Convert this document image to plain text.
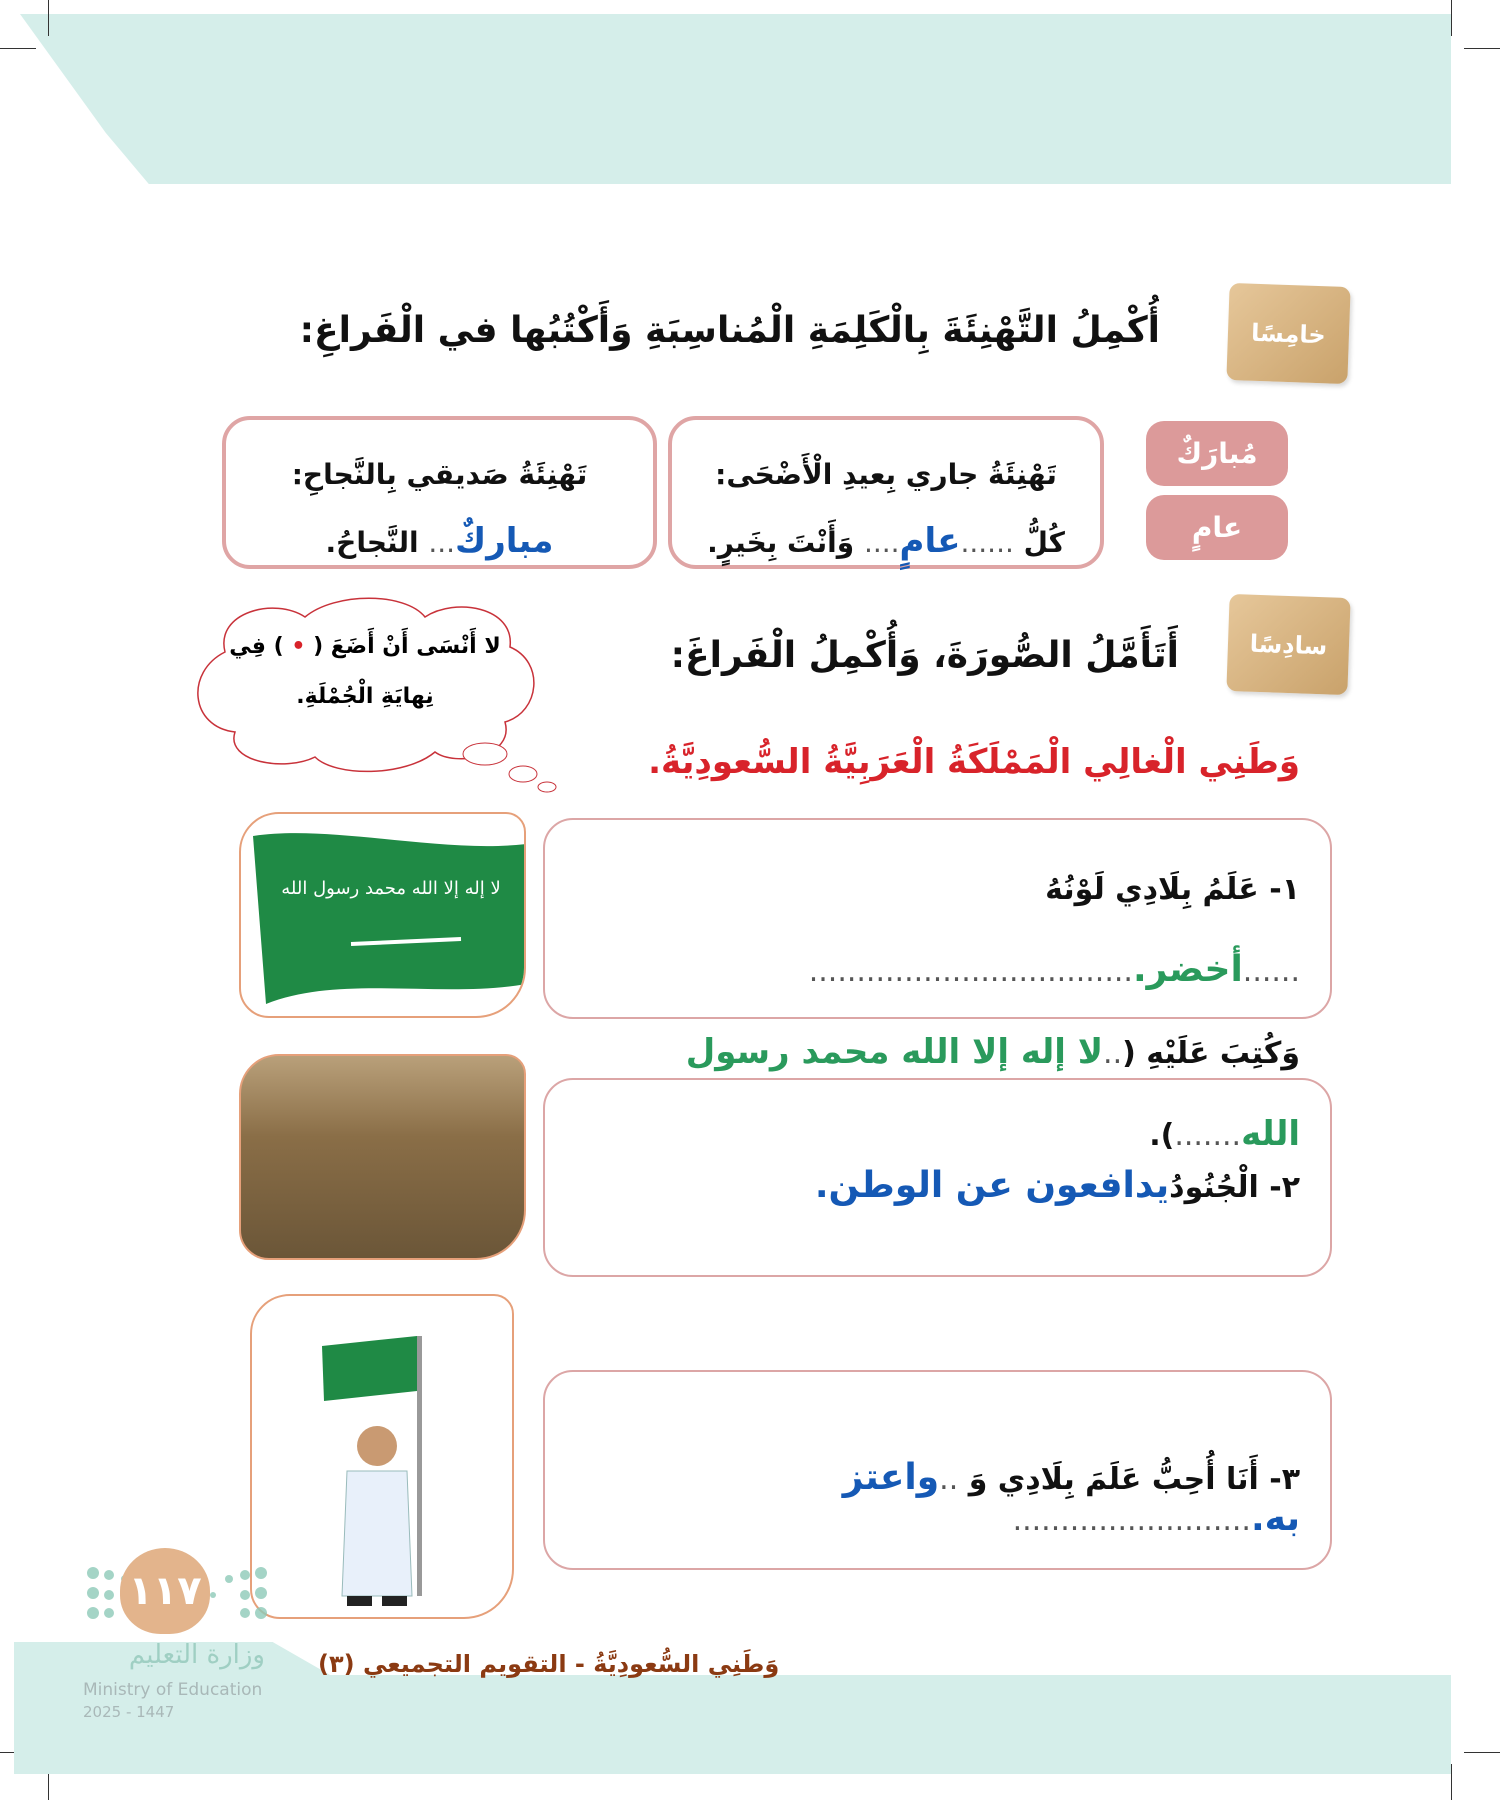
خامِسًا
أُكْمِلُ التَّهْنِئَةَ بِالْكَلِمَةِ الْمُناسِبَةِ وَأَكْتُبُها في الْفَراغِ:
مُبارَكٌ
عامٍ
تَهْنِئَةُ جاري بِعيدِ الْأَضْحَى:
كُلُّ ......عامٍ.... وَأَنْتَ بِخَيرٍ.
تَهْنِئَةُ صَديقي بِالنَّجاحِ:
مباركٌ... النَّجاحُ.
سادِسًا
أَتَأَمَّلُ الصُّورَةَ، وَأُكْمِلُ الْفَراغَ:
وَطَنِي الْغالِي الْمَمْلَكَةُ الْعَرَبِيَّةُ السُّعودِيَّةُ.
لا أَنْسَى أَنْ أَضَعَ ( • ) فِي
نِهايَةِ الْجُمْلَةِ.
لا إله إلا الله محمد رسول الله	١- عَلَمُ بِلَادِي لَوْنُهُ ......أخضر...................................
وَكُتِبَ عَلَيْهِ (..لا إله إلا الله محمد رسول الله.......).
٢- الْجُنُودُيدافعون عن الوطن.
٣- أَنَا أُحِبُّ عَلَمَ بِلَادِي وَ ..واعتز به..........................
١١٧
وزارة التعليم
Ministry of Education
2025 - 1447
وَطَنِي السُّعودِيَّةُ - التقويم التجميعي (٣)
